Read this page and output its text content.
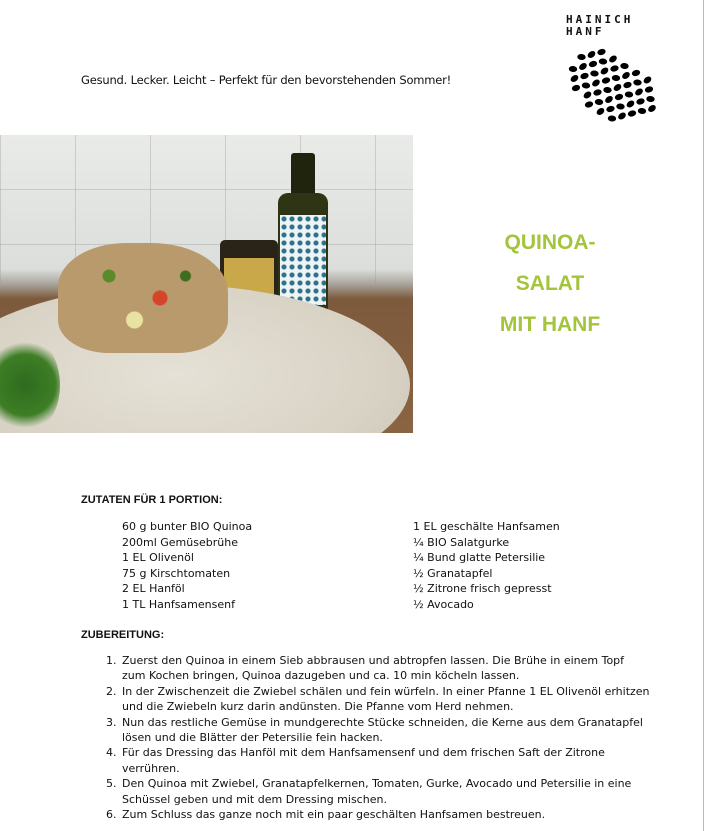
Gesund. Lecker. Leicht – Perfekt für den bevorstehenden Sommer!
HAINICH
HANF
QUINOA-
SALAT
MIT HANF
ZUTATEN FÜR 1 PORTION:
60 g bunter BIO Quinoa
200ml Gemüsebrühe
1 EL Olivenöl
75 g Kirschtomaten
2 EL Hanföl
1 TL Hanfsamensenf
1 EL geschälte Hanfsamen
¼ BIO Salatgurke
¼ Bund glatte Petersilie
½ Granatapfel
½ Zitrone frisch gepresst
½ Avocado
ZUBEREITUNG:
1. Zuerst den Quinoa in einem Sieb abbrausen und abtropfen lassen. Die Brühe in einem Topf zum Kochen bringen, Quinoa dazugeben und ca. 10 min köcheln lassen.
2. In der Zwischenzeit die Zwiebel schälen und fein würfeln. In einer Pfanne 1 EL Olivenöl erhitzen und die Zwiebeln kurz darin andünsten. Die Pfanne vom Herd nehmen.
3. Nun das restliche Gemüse in mundgerechte Stücke schneiden, die Kerne aus dem Granatapfel lösen und die Blätter der Petersilie fein hacken.
4. Für das Dressing das Hanföl mit dem Hanfsamensenf und dem frischen Saft der Zitrone verrühren.
5. Den Quinoa mit Zwiebel, Granatapfelkernen, Tomaten, Gurke, Avocado und Petersilie in eine Schüssel geben und mit dem Dressing mischen.
6. Zum Schluss das ganze noch mit ein paar geschälten Hanfsamen bestreuen.
